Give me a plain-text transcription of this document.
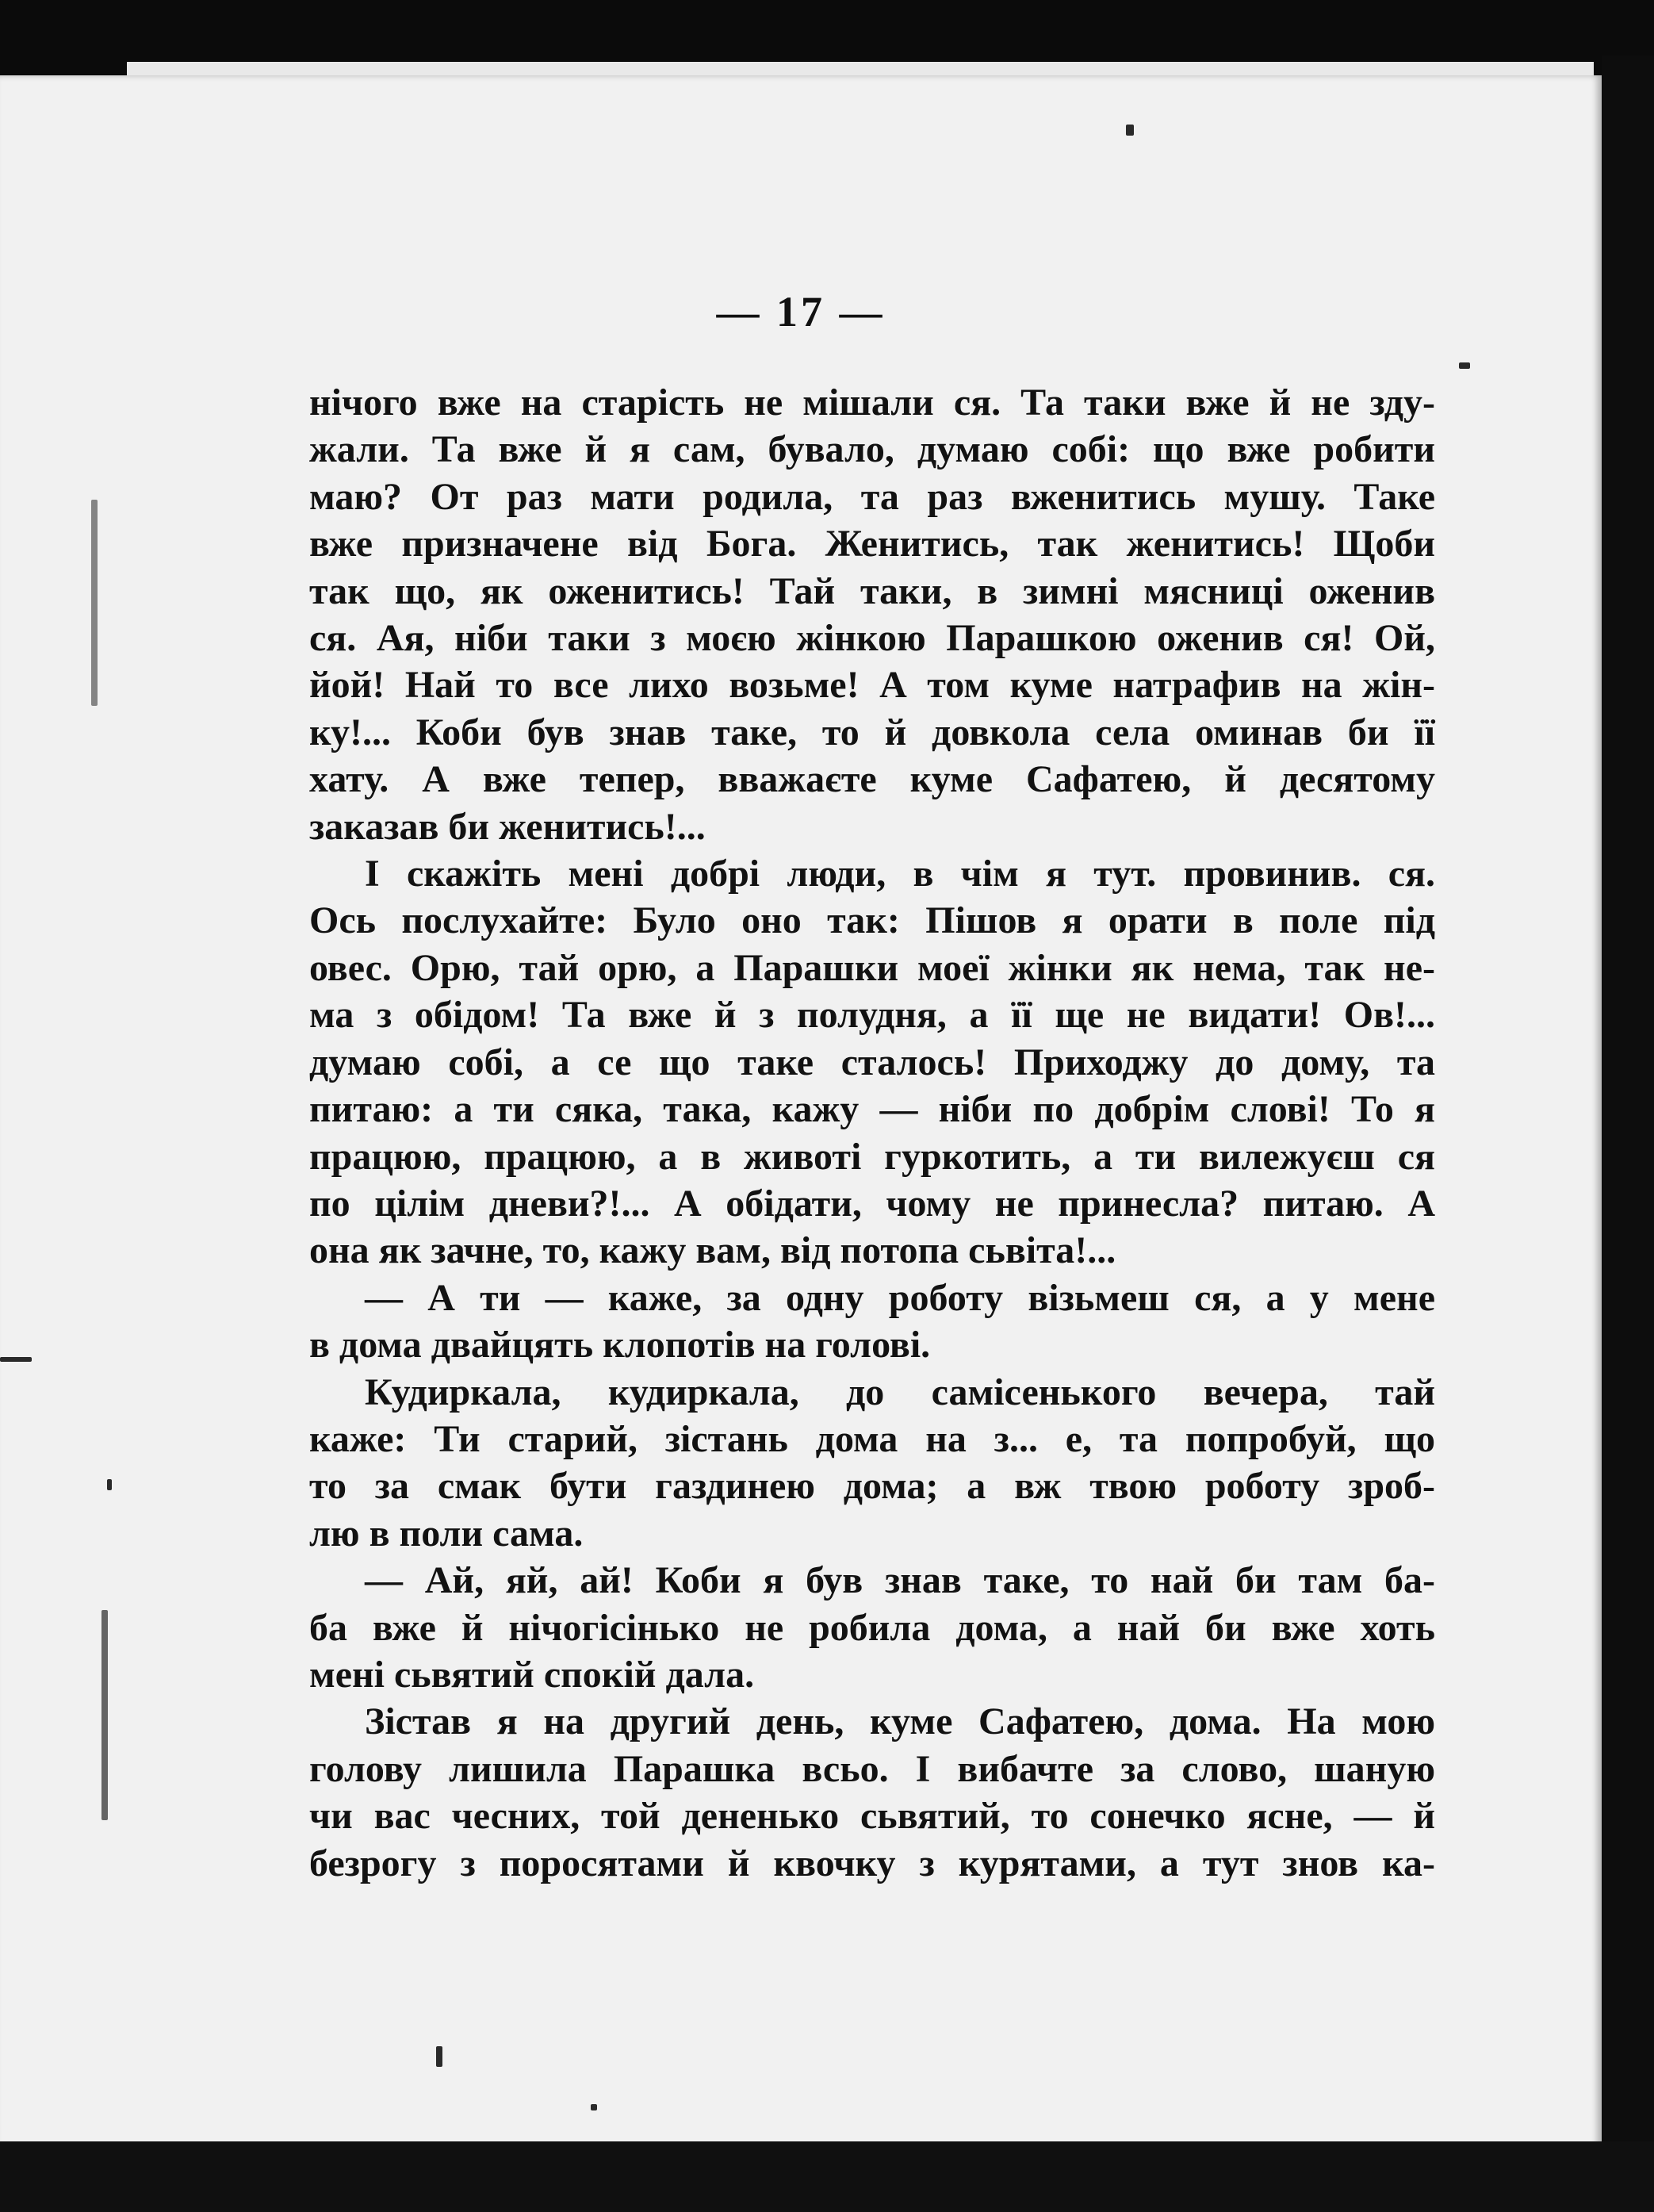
— 17 —
нічого вже на старість не мішали ся. Та таки вже й не зду-
жали. Та вже й я сам, бувало, думаю собі: що вже робити
маю? От раз мати родила, та раз вженитись мушу. Таке
вже призначене від Бога. Женитись, так женитись! Щоби
так що, як оженитись! Тай таки, в зимні мясниці оженив
ся. Ая, ніби таки з моєю жінкою Парашкою оженив ся! Ой,
йой! Най то все лихо возьме! А том куме натрафив на жін-
ку!... Коби був знав таке, то й довкола села оминав би її
хату. А вже тепер, вважаєте куме Сафатею, й десятому
заказав би женитись!...
І скажіть мені добрі люди, в чім я тут. провинив. ся.
Ось послухайте: Було оно так: Пішов я орати в поле під
овес. Орю, тай орю, а Парашки моеї жінки як нема, так не-
ма з обідом! Та вже й з полудня, а її ще не видати! Ов!...
думаю собі, а се що таке сталось! Приходжу до дому, та
питаю: а ти сяка, така, кажу — ніби по добрім слові! То я
працюю, працюю, а в животі гуркотить, а ти вилежуєш ся
по цілім дневи?!... А обідати, чому не принесла? питаю. А
она як зачне, то, кажу вам, від потопа сьвіта!...
— А ти — каже, за одну роботу візьмеш ся, а у мене
в дома двайцять клопотів на голові.
Кудиркала, кудиркала, до самісенького вечера, тай
каже: Ти старий, зістань дома на з... е, та попробуй, що
то за смак бути газдинею дома; а вж твою роботу зроб-
лю в поли сама.
— Ай, яй, ай! Коби я був знав таке, то най би там ба-
ба вже й нічогісінько не робила дома, а най би вже хоть
мені сьвятий спокій дала.
Зістав я на другий день, куме Сафатею, дома. На мою
голову лишила Парашка всьо. І вибачте за слово, шаную
чи вас чесних, той дененько сьвятий, то сонечко ясне, — й
безрогу з поросятами й квочку з курятами, а тут знов ка-
